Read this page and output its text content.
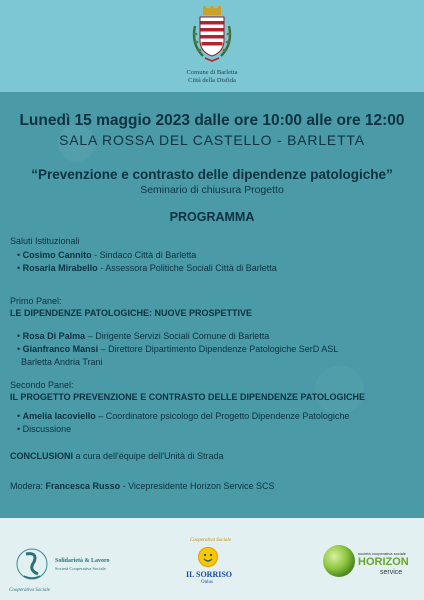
Comune di Barletta
Città della Disfida
Lunedì 15 maggio 2023 dalle ore 10:00 alle ore 12:00
SALA ROSSA DEL CASTELLO - BARLETTA
“Prevenzione e contrasto delle dipendenze patologiche”
Seminario di chiusura Progetto
PROGRAMMA
Saluti Istituzionali
• Cosimo Cannito - Sindaco Città di Barletta
• Rosaria Mirabello - Assessora Politiche Sociali Città di Barletta
Primo Panel:
LE DIPENDENZE PATOLOGICHE: NUOVE PROSPETTIVE
• Rosa Di Palma – Dirigente Servizi Sociali Comune di Barletta
• Gianfranco Mansi – Direttore Dipartimento Dipendenze Patologiche SerD ASL
Barletta Andria Trani
Secondo Panel:
IL PROGETTO PREVENZIONE E CONTRASTO DELLE DIPENDENZE PATOLOGICHE
• Amelia Iacoviello – Coordinatore psicologo del Progetto Dipendenze Patologiche
• Discussione
CONCLUSIONI a cura dell'équipe dell'Unità di Strada
Modera: Francesca Russo - Vicepresidente Horizon Service SCS
Cooperativa Sociale
Solidarietà & Lavoro
Società Cooperativa Sociale
Cooperativa Sociale
IL SORRISO
Onlus
società cooperativa sociale
HORIZON
service
